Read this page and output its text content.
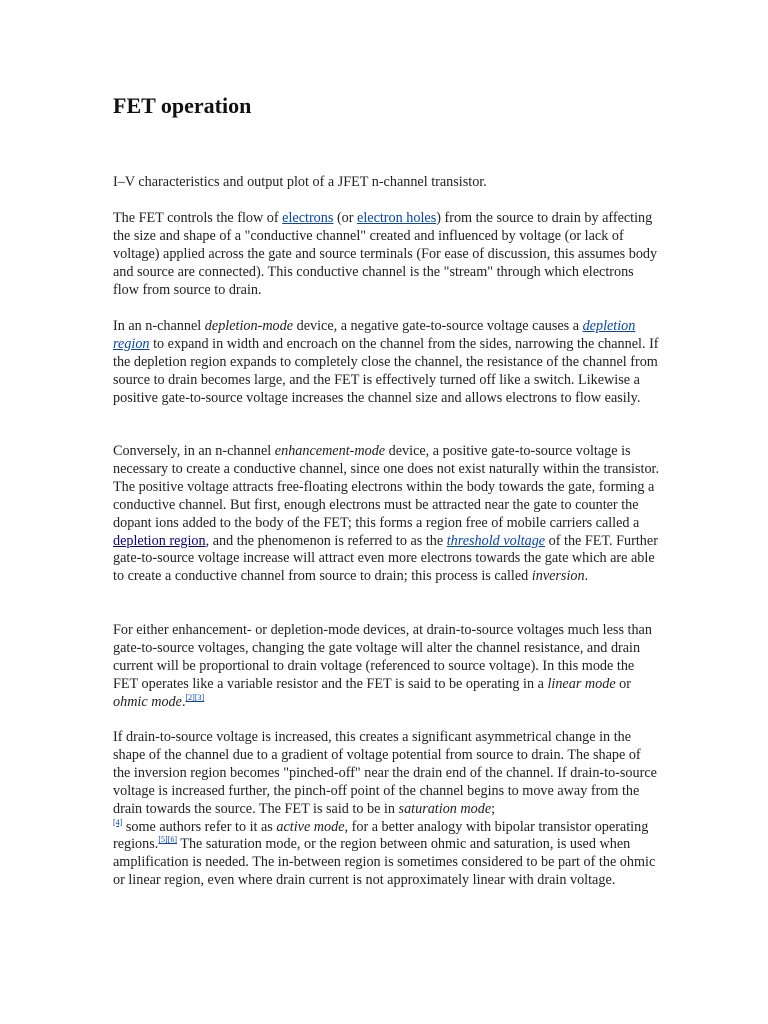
FET operation

I–V characteristics and output plot of a JFET n-channel transistor.

The FET controls the flow of electrons (or electron holes) from the source to drain by affecting the size and shape of a "conductive channel" created and influenced by voltage (or lack of voltage) applied across the gate and source terminals (For ease of discussion, this assumes body and source are connected). This conductive channel is the "stream" through which electrons flow from source to drain.

In an n-channel depletion-mode device, a negative gate-to-source voltage causes a depletion region to expand in width and encroach on the channel from the sides, narrowing the channel. If the depletion region expands to completely close the channel, the resistance of the channel from source to drain becomes large, and the FET is effectively turned off like a switch. Likewise a positive gate-to-source voltage increases the channel size and allows electrons to flow easily.

Conversely, in an n-channel enhancement-mode device, a positive gate-to-source voltage is necessary to create a conductive channel, since one does not exist naturally within the transistor. The positive voltage attracts free-floating electrons within the body towards the gate, forming a conductive channel. But first, enough electrons must be attracted near the gate to counter the dopant ions added to the body of the FET; this forms a region free of mobile carriers called a depletion region, and the phenomenon is referred to as the threshold voltage of the FET. Further gate-to-source voltage increase will attract even more electrons towards the gate which are able to create a conductive channel from source to drain; this process is called inversion.

For either enhancement- or depletion-mode devices, at drain-to-source voltages much less than gate-to-source voltages, changing the gate voltage will alter the channel resistance, and drain current will be proportional to drain voltage (referenced to source voltage). In this mode the FET operates like a variable resistor and the FET is said to be operating in a linear mode or ohmic mode.[2][3]

If drain-to-source voltage is increased, this creates a significant asymmetrical change in the shape of the channel due to a gradient of voltage potential from source to drain. The shape of the inversion region becomes "pinched-off" near the drain end of the channel. If drain-to-source voltage is increased further, the pinch-off point of the channel begins to move away from the drain towards the source. The FET is said to be in saturation mode;
[4] some authors refer to it as active mode, for a better analogy with bipolar transistor operating regions.[5][6] The saturation mode, or the region between ohmic and saturation, is used when amplification is needed. The in-between region is sometimes considered to be part of the ohmic or linear region, even where drain current is not approximately linear with drain voltage.
